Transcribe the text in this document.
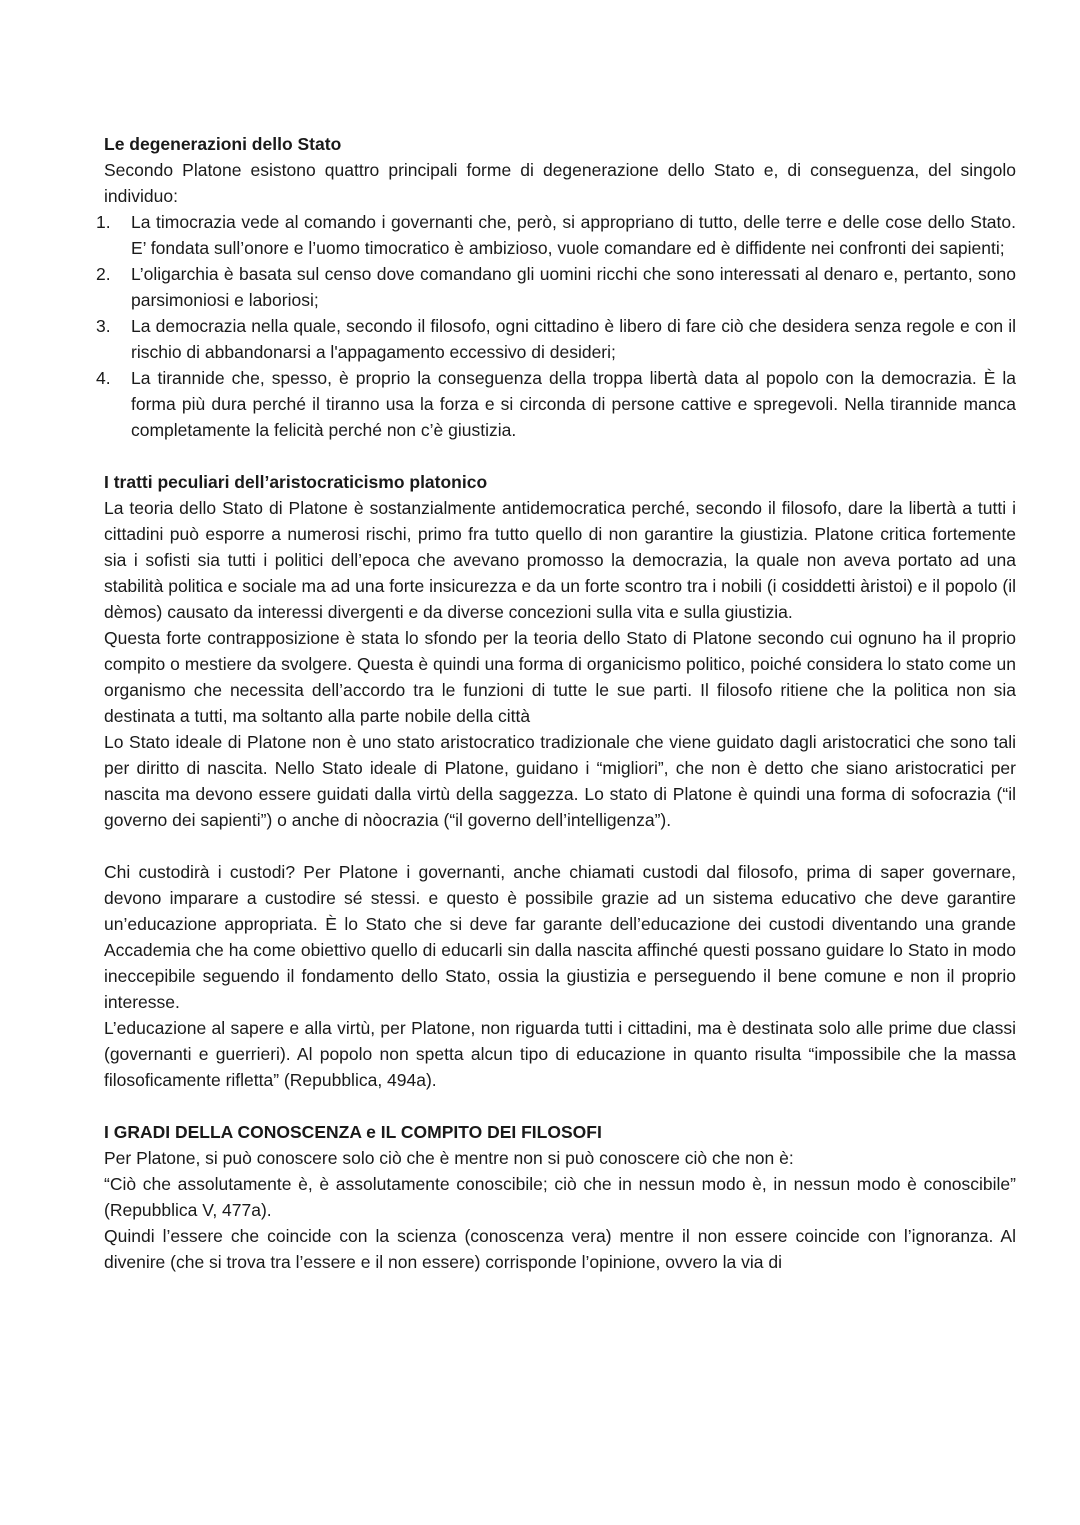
Le degenerazioni dello Stato

Secondo Platone esistono quattro principali forme di degenerazione dello Stato e, di conseguenza, del singolo individuo:

1. La timocrazia vede al comando i governanti che, però, si appropriano di tutto, delle terre e delle cose dello Stato. E’ fondata sull’onore e l’uomo timocratico è ambizioso, vuole comandare ed è diffidente nei confronti dei sapienti;
2. L’oligarchia è basata sul censo dove comandano gli uomini ricchi che sono interessati al denaro e, pertanto, sono parsimoniosi e laboriosi;
3. La democrazia nella quale, secondo il filosofo, ogni cittadino è libero di fare ciò che desidera senza regole e con il rischio di abbandonarsi a l'appagamento eccessivo di desideri;
4. La tirannide che, spesso, è proprio la conseguenza della troppa libertà data al popolo con la democrazia. È la forma più dura perché il tiranno usa la forza e si circonda di persone cattive e spregevoli. Nella tirannide manca completamente la felicità perché non c’è giustizia.
I tratti peculiari dell’aristocraticismo platonico

La teoria dello Stato di Platone è sostanzialmente antidemocratica perché, secondo il filosofo, dare la libertà a tutti i cittadini può esporre a numerosi rischi, primo fra tutto quello di non garantire la giustizia. Platone critica fortemente sia i sofisti sia tutti i politici dell’epoca che avevano promosso la democrazia, la quale non aveva portato ad una stabilità politica e sociale ma ad una forte insicurezza e da un forte scontro tra i nobili (i cosiddetti àristoi) e il popolo (il dèmos) causato da interessi divergenti e da diverse concezioni sulla vita e sulla giustizia.

Questa forte contrapposizione è stata lo sfondo per la teoria dello Stato di Platone secondo cui ognuno ha il proprio compito o mestiere da svolgere. Questa è quindi una forma di organicismo politico, poiché considera lo stato come un organismo che necessita dell’accordo tra le funzioni di tutte le sue parti. Il filosofo ritiene che la politica non sia destinata a tutti, ma soltanto alla parte nobile della città

Lo Stato ideale di Platone non è uno stato aristocratico tradizionale che viene guidato dagli aristocratici che sono tali per diritto di nascita. Nello Stato ideale di Platone, guidano i “migliori”, che non è detto che siano aristocratici per nascita ma devono essere guidati dalla virtù della saggezza. Lo stato di Platone è quindi una forma di sofocrazia (“il governo dei sapienti”) o anche di nòocrazia (“il governo dell’intelligenza”).

Chi custodirà i custodi? Per Platone i governanti, anche chiamati custodi dal filosofo, prima di saper governare, devono imparare a custodire sé stessi. e questo è possibile grazie ad un sistema educativo che deve garantire un’educazione appropriata. È lo Stato che si deve far garante dell’educazione dei custodi diventando una grande Accademia che ha come obiettivo quello di educarli sin dalla nascita affinché questi possano guidare lo Stato in modo ineccepibile seguendo il fondamento dello Stato, ossia la giustizia e perseguendo il bene comune e non il proprio interesse.

L’educazione al sapere e alla virtù, per Platone, non riguarda tutti i cittadini, ma è destinata solo alle prime due classi (governanti e guerrieri). Al popolo non spetta alcun tipo di educazione in quanto risulta “impossibile che la massa filosoficamente rifletta” (Repubblica, 494a).

I GRADI DELLA CONOSCENZA e IL COMPITO DEI FILOSOFI

Per Platone, si può conoscere solo ciò che è mentre non si può conoscere ciò che non è:

“Ciò che assolutamente è, è assolutamente conoscibile; ciò che in nessun modo è, in nessun modo è conoscibile” (Repubblica V, 477a).

Quindi l’essere che coincide con la scienza (conoscenza vera) mentre il non essere coincide con l’ignoranza. Al divenire (che si trova tra l’essere e il non essere) corrisponde l’opinione, ovvero la via di
